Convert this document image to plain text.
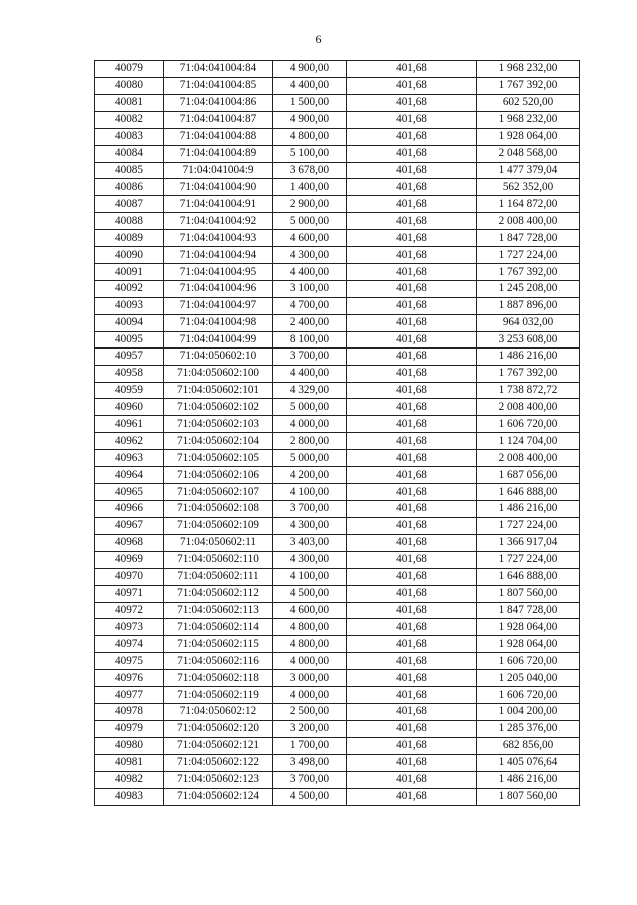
6
40079	71:04:041004:84	4 900,00	401,68	1 968 232,00
40080	71:04:041004:85	4 400,00	401,68	1 767 392,00
40081	71:04:041004:86	1 500,00	401,68	602 520,00
40082	71:04:041004:87	4 900,00	401,68	1 968 232,00
40083	71:04:041004:88	4 800,00	401,68	1 928 064,00
40084	71:04:041004:89	5 100,00	401,68	2 048 568,00
40085	71:04:041004:9	3 678,00	401,68	1 477 379,04
40086	71:04:041004:90	1 400,00	401,68	562 352,00
40087	71:04:041004:91	2 900,00	401,68	1 164 872,00
40088	71:04:041004:92	5 000,00	401,68	2 008 400,00
40089	71:04:041004:93	4 600,00	401,68	1 847 728,00
40090	71:04:041004:94	4 300,00	401,68	1 727 224,00
40091	71:04:041004:95	4 400,00	401,68	1 767 392,00
40092	71:04:041004:96	3 100,00	401,68	1 245 208,00
40093	71:04:041004:97	4 700,00	401,68	1 887 896,00
40094	71:04:041004:98	2 400,00	401,68	964 032,00
40095	71:04:041004:99	8 100,00	401,68	3 253 608,00
40957	71:04:050602:10	3 700,00	401,68	1 486 216,00
40958	71:04:050602:100	4 400,00	401,68	1 767 392,00
40959	71:04:050602:101	4 329,00	401,68	1 738 872,72
40960	71:04:050602:102	5 000,00	401,68	2 008 400,00
40961	71:04:050602:103	4 000,00	401,68	1 606 720,00
40962	71:04:050602:104	2 800,00	401,68	1 124 704,00
40963	71:04:050602:105	5 000,00	401,68	2 008 400,00
40964	71:04:050602:106	4 200,00	401,68	1 687 056,00
40965	71:04:050602:107	4 100,00	401,68	1 646 888,00
40966	71:04:050602:108	3 700,00	401,68	1 486 216,00
40967	71:04:050602:109	4 300,00	401,68	1 727 224,00
40968	71:04:050602:11	3 403,00	401,68	1 366 917,04
40969	71:04:050602:110	4 300,00	401,68	1 727 224,00
40970	71:04:050602:111	4 100,00	401,68	1 646 888,00
40971	71:04:050602:112	4 500,00	401,68	1 807 560,00
40972	71:04:050602:113	4 600,00	401,68	1 847 728,00
40973	71:04:050602:114	4 800,00	401,68	1 928 064,00
40974	71:04:050602:115	4 800,00	401,68	1 928 064,00
40975	71:04:050602:116	4 000,00	401,68	1 606 720,00
40976	71:04:050602:118	3 000,00	401,68	1 205 040,00
40977	71:04:050602:119	4 000,00	401,68	1 606 720,00
40978	71:04:050602:12	2 500,00	401,68	1 004 200,00
40979	71:04:050602:120	3 200,00	401,68	1 285 376,00
40980	71:04:050602:121	1 700,00	401,68	682 856,00
40981	71:04:050602:122	3 498,00	401,68	1 405 076,64
40982	71:04:050602:123	3 700,00	401,68	1 486 216,00
40983	71:04:050602:124	4 500,00	401,68	1 807 560,00
